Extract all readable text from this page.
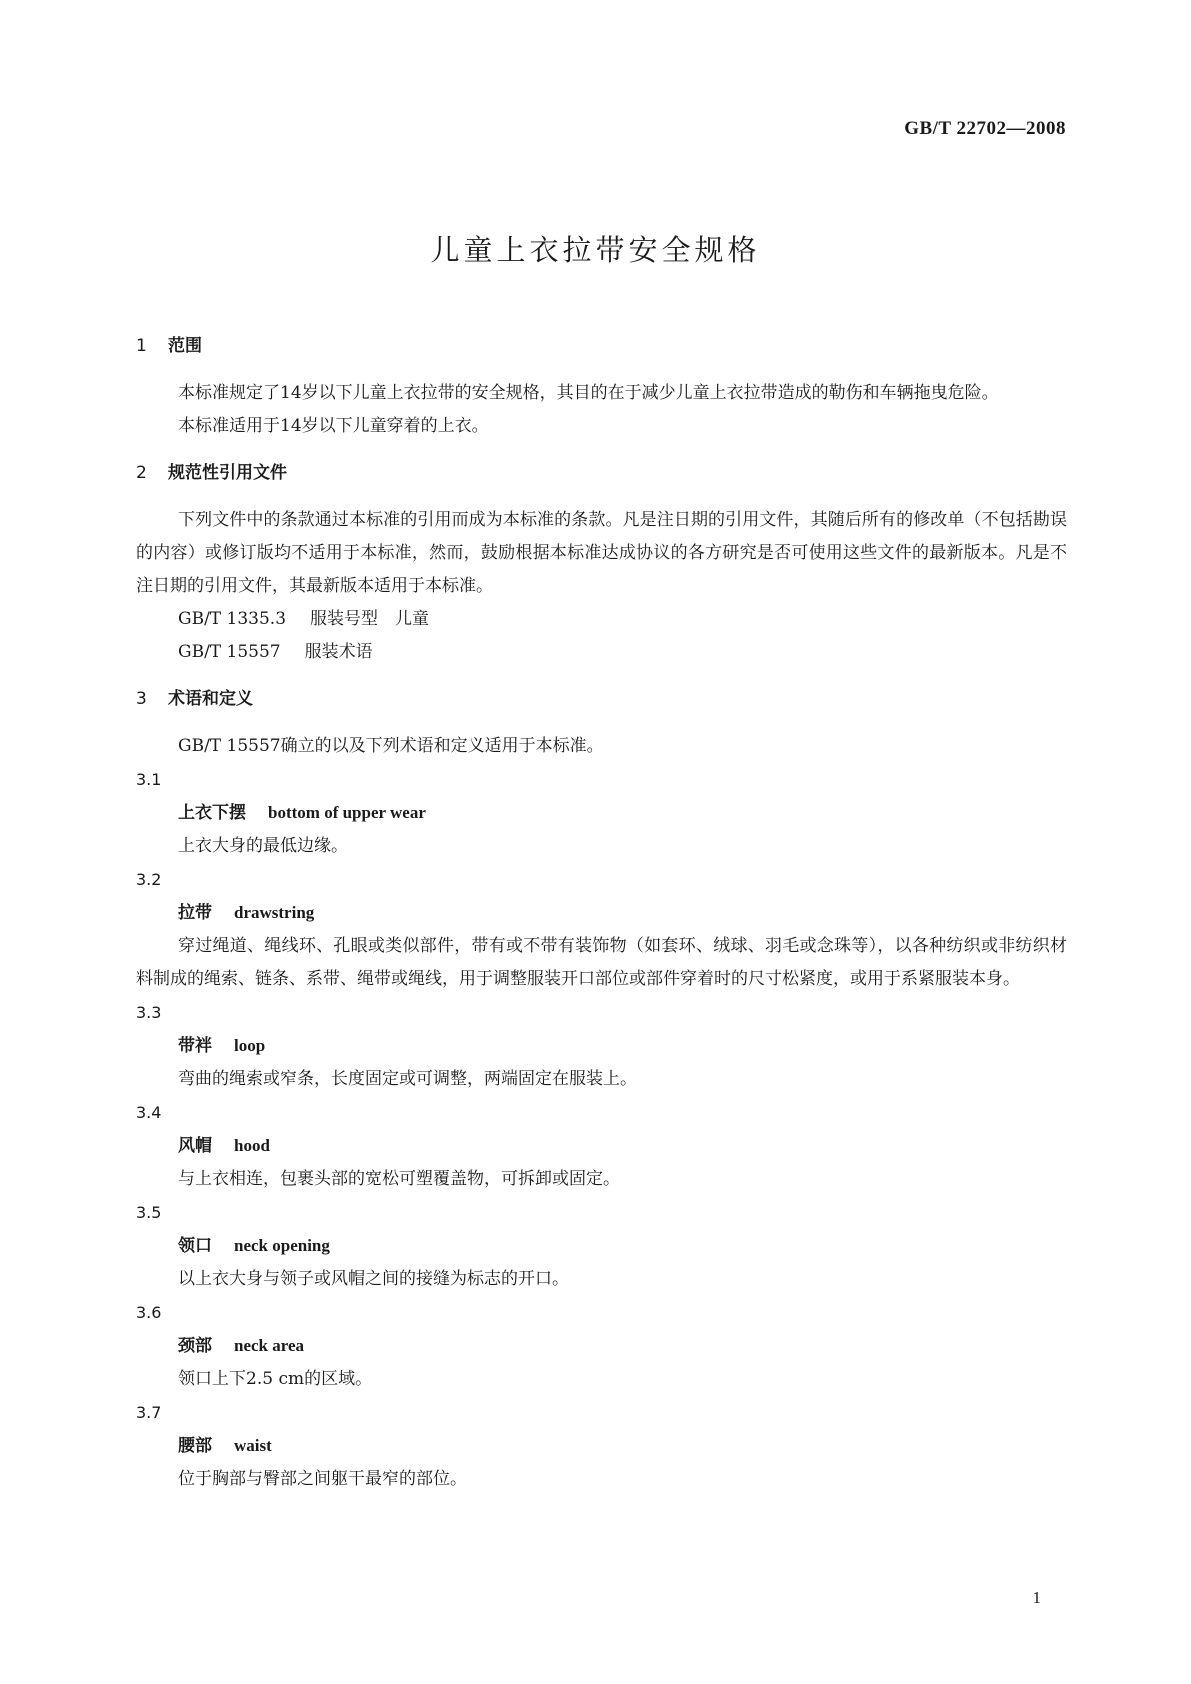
GB/T 22702—2008
儿童上衣拉带安全规格
1 范围

本标准规定了14岁以下儿童上衣拉带的安全规格，其目的在于减少儿童上衣拉带造成的勒伤和车辆拖曳危险。

本标准适用于14岁以下儿童穿着的上衣。

2 规范性引用文件

下列文件中的条款通过本标准的引用而成为本标准的条款。凡是注日期的引用文件，其随后所有的修改单（不包括勘误的内容）或修订版均不适用于本标准，然而，鼓励根据本标准达成协议的各方研究是否可使用这些文件的最新版本。凡是不注日期的引用文件，其最新版本适用于本标准。

GB/T 1335.3 服装号型　儿童

GB/T 15557 服装术语

3 术语和定义

GB/T 15557确立的以及下列术语和定义适用于本标准。

3.1

上衣下摆 bottom of upper wear

上衣大身的最低边缘。

3.2

拉带 drawstring

穿过绳道、绳线环、孔眼或类似部件，带有或不带有装饰物（如套环、绒球、羽毛或念珠等），以各种纺织或非纺织材料制成的绳索、链条、系带、绳带或绳线，用于调整服装开口部位或部件穿着时的尺寸松紧度，或用于系紧服装本身。

3.3

带袢 loop

弯曲的绳索或窄条，长度固定或可调整，两端固定在服装上。

3.4

风帽 hood

与上衣相连，包裹头部的宽松可塑覆盖物，可拆卸或固定。

3.5

领口 neck opening

以上衣大身与领子或风帽之间的接缝为标志的开口。

3.6

颈部 neck area

领口上下2.5 cm的区域。

3.7

腰部 waist

位于胸部与臀部之间躯干最窄的部位。

1
